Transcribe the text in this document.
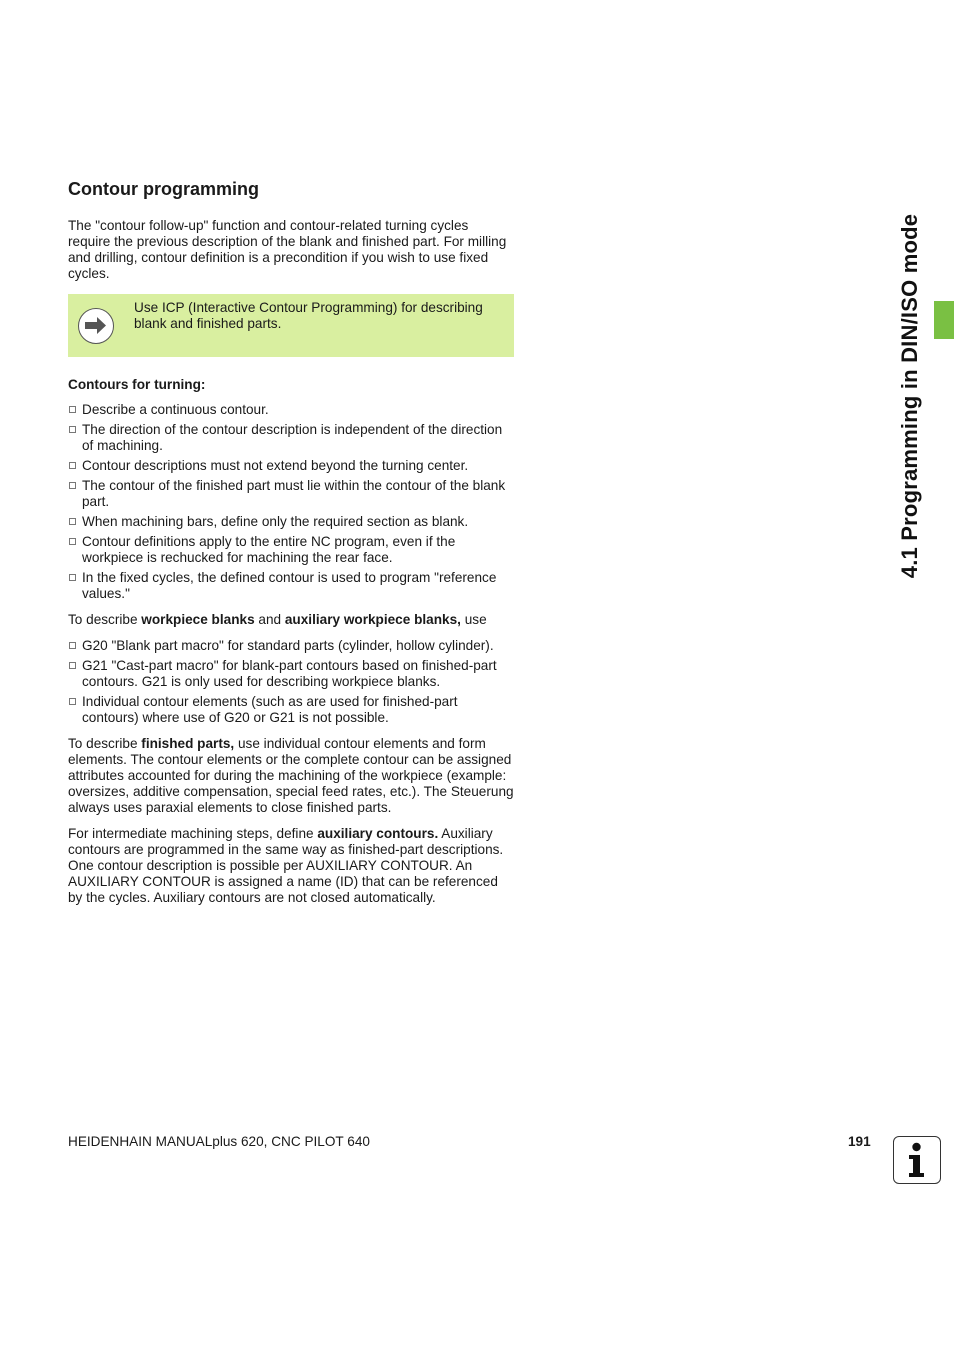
Contour programming

The "contour follow-up" function and contour-related turning cycles require the previous description of the blank and finished part. For milling and drilling, contour definition is a precondition if you wish to use fixed cycles.

Use ICP (Interactive Contour Programming) for describing blank and finished parts.
Contours for turning:
Describe a continuous contour.
The direction of the contour description is independent of the direction of machining.
Contour descriptions must not extend beyond the turning center.
The contour of the finished part must lie within the contour of the blank part.
When machining bars, define only the required section as blank.
Contour definitions apply to the entire NC program, even if the workpiece is rechucked for machining the rear face.
In the fixed cycles, the defined contour is used to program "reference values."

To describe workpiece blanks and auxiliary workpiece blanks, use

G20 "Blank part macro" for standard parts (cylinder, hollow cylinder).
G21 "Cast-part macro" for blank-part contours based on finished-part contours. G21 is only used for describing workpiece blanks.
Individual contour elements (such as are used for finished-part contours) where use of G20 or G21 is not possible.

To describe finished parts, use individual contour elements and form elements. The contour elements or the complete contour can be assigned attributes accounted for during the machining of the workpiece (example: oversizes, additive compensation, special feed rates, etc.). The Steuerung always uses paraxial elements to close finished parts.

For intermediate machining steps, define auxiliary contours. Auxiliary contours are programmed in the same way as finished-part descriptions. One contour description is possible per AUXILIARY CONTOUR. An AUXILIARY CONTOUR is assigned a name (ID) that can be referenced by the cycles. Auxiliary contours are not closed automatically.

4.1 Programming in DIN/ISO mode
HEIDENHAIN MANUALplus 620, CNC PILOT 640	191
